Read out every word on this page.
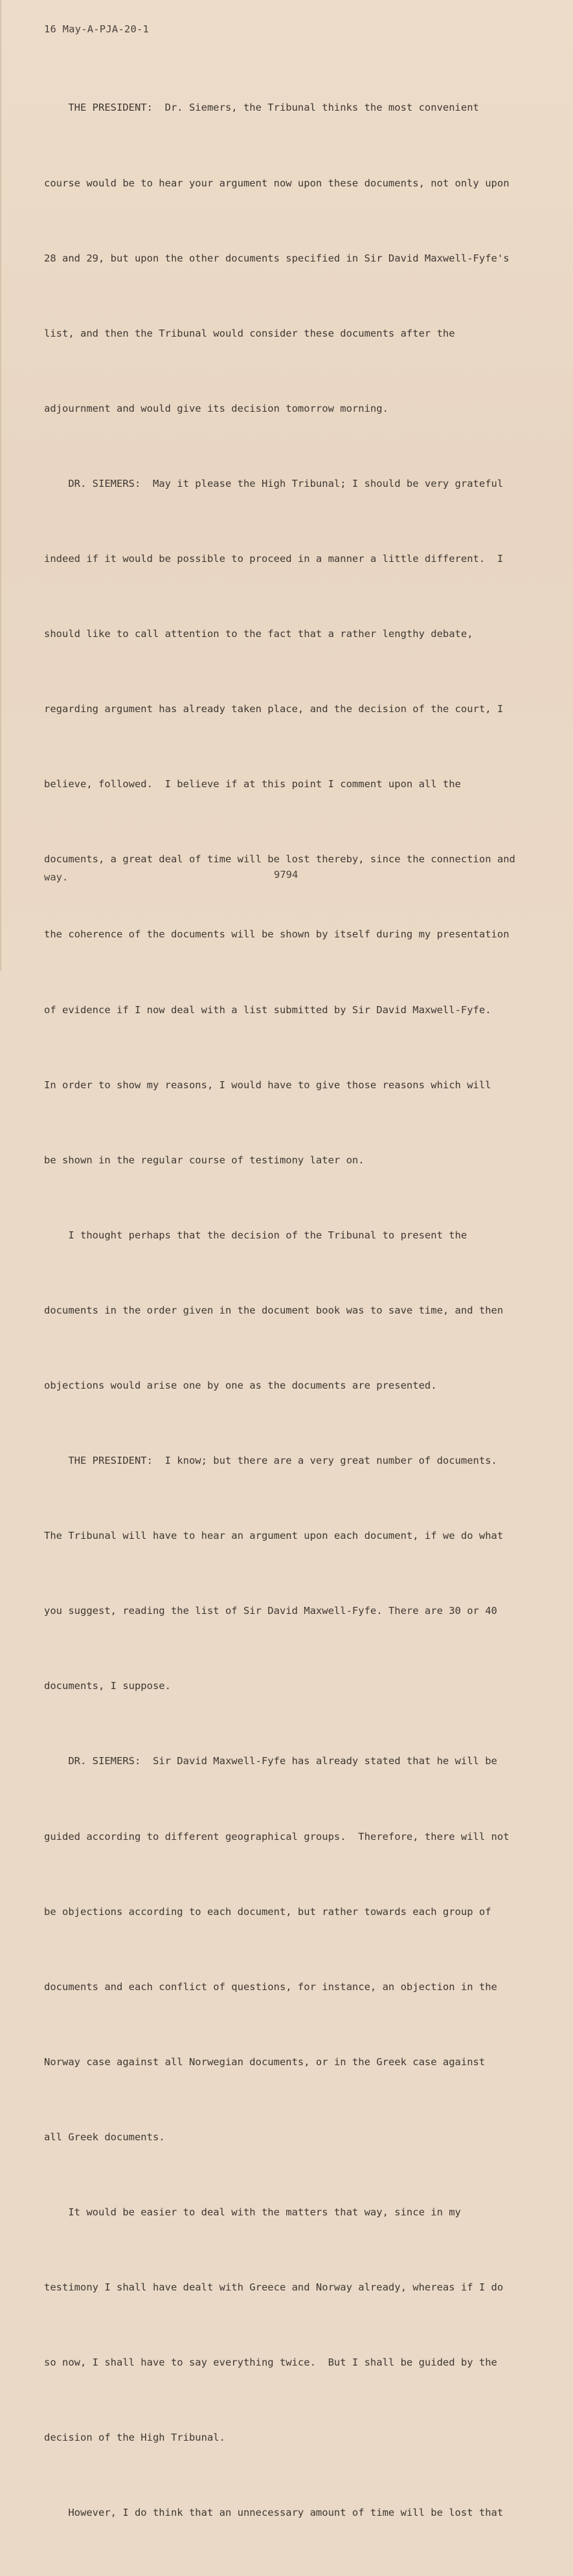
16 May-A-PJA-20-1

THE PRESIDENT:  Dr. Siemers, the Tribunal thinks the most convenient

course would be to hear your argument now upon these documents, not only upon

28 and 29, but upon the other documents specified in Sir David Maxwell-Fyfe's

list, and then the Tribunal would consider these documents after the

adjournment and would give its decision tomorrow morning.

DR. SIEMERS:  May it please the High Tribunal; I should be very grateful

indeed if it would be possible to proceed in a manner a little different.  I

should like to call attention to the fact that a rather lengthy debate,

regarding argument has already taken place, and the decision of the court, I

believe, followed.  I believe if at this point I comment upon all the

documents, a great deal of time will be lost thereby, since the connection and

the coherence of the documents will be shown by itself during my presentation

of evidence if I now deal with a list submitted by Sir David Maxwell-Fyfe.

In order to show my reasons, I would have to give those reasons which will

be shown in the regular course of testimony later on.

I thought perhaps that the decision of the Tribunal to present the

documents in the order given in the document book was to save time, and then

objections would arise one by one as the documents are presented.

THE PRESIDENT:  I know; but there are a very great number of documents.

The Tribunal will have to hear an argument upon each document, if we do what

you suggest, reading the list of Sir David Maxwell-Fyfe. There are 30 or 40

documents, I suppose.

DR. SIEMERS:  Sir David Maxwell-Fyfe has already stated that he will be

guided according to different geographical groups.  Therefore, there will not

be objections according to each document, but rather towards each group of

documents and each conflict of questions, for instance, an objection in the

Norway case against all Norwegian documents, or in the Greek case against

all Greek documents.

It would be easier to deal with the matters that way, since in my

testimony I shall have dealt with Greece and Norway already, whereas if I do

so now, I shall have to say everything twice.  But I shall be guided by the

decision of the High Tribunal.

However, I do think that an unnecessary amount of time will be lost that

way.	9794
